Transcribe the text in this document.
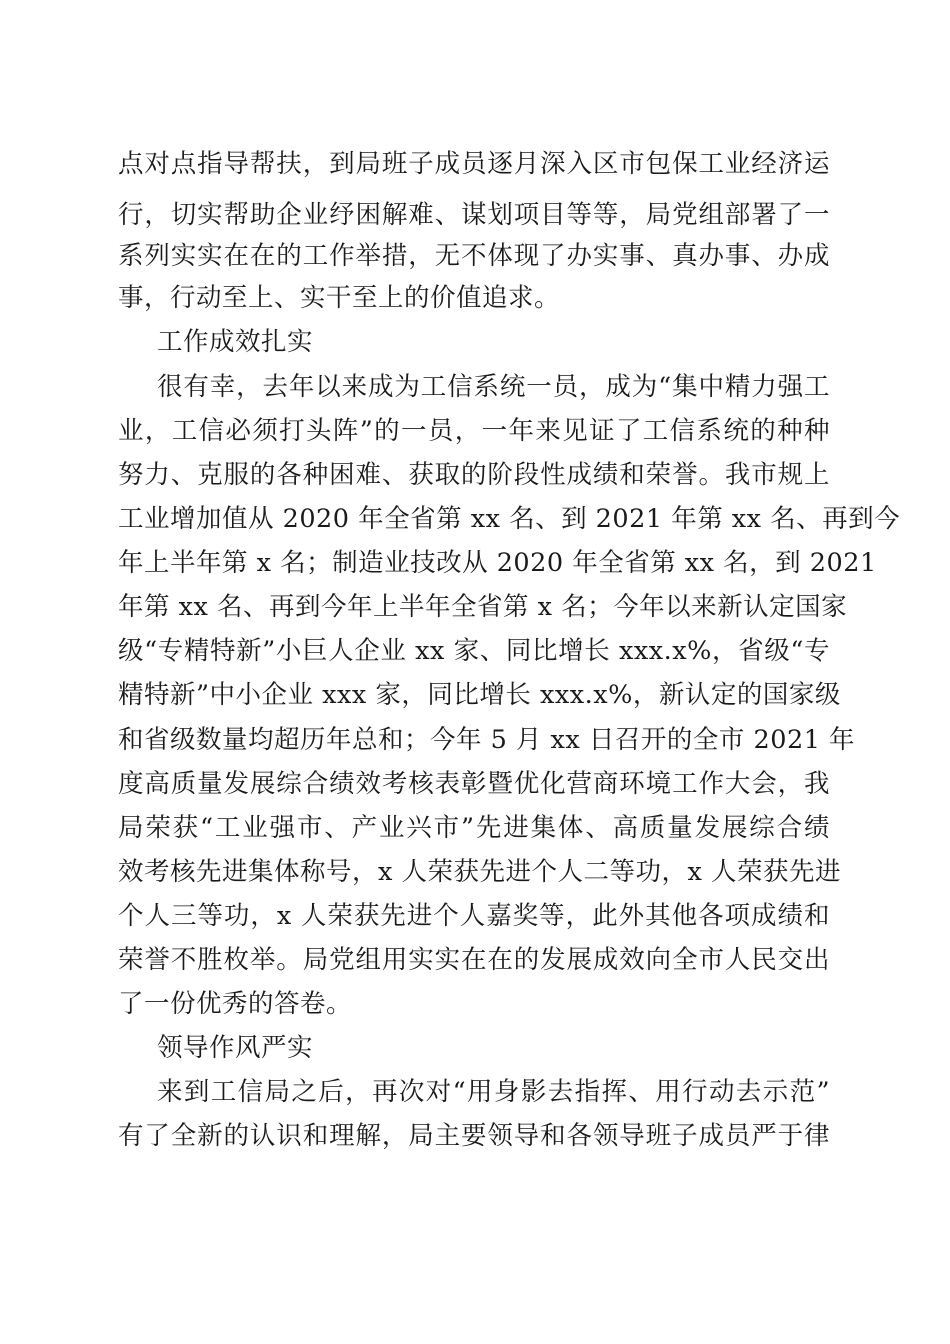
点对点指导帮扶，到局班子成员逐月深入区市包保工业经济运
行，切实帮助企业纾困解难、谋划项目等等，局党组部署了一
系列实实在在的工作举措，无不体现了办实事、真办事、办成
事，行动至上、实干至上的价值追求。
工作成效扎实
很有幸，去年以来成为工信系统一员，成为“集中精力强工
业，工信必须打头阵”的一员，一年来见证了工信系统的种种
努力、克服的各种困难、获取的阶段性成绩和荣誉。我市规上
工业增加值从 2020 年全省第 xx 名、到 2021 年第 xx 名、再到今
年上半年第 x 名；制造业技改从 2020 年全省第 xx 名，到 2021
年第 xx 名、再到今年上半年全省第 x 名；今年以来新认定国家
级“专精特新”小巨人企业 xx 家、同比增长 xxx.x%，省级“专
精特新”中小企业 xxx 家，同比增长 xxx.x%，新认定的国家级
和省级数量均超历年总和；今年 5 月 xx 日召开的全市 2021 年
度高质量发展综合绩效考核表彰暨优化营商环境工作大会，我
局荣获“工业强市、产业兴市”先进集体、高质量发展综合绩
效考核先进集体称号，x 人荣获先进个人二等功，x 人荣获先进
个人三等功，x 人荣获先进个人嘉奖等，此外其他各项成绩和
荣誉不胜枚举。局党组用实实在在的发展成效向全市人民交出
了一份优秀的答卷。
领导作风严实
来到工信局之后，再次对“用身影去指挥、用行动去示范”
有了全新的认识和理解，局主要领导和各领导班子成员严于律
